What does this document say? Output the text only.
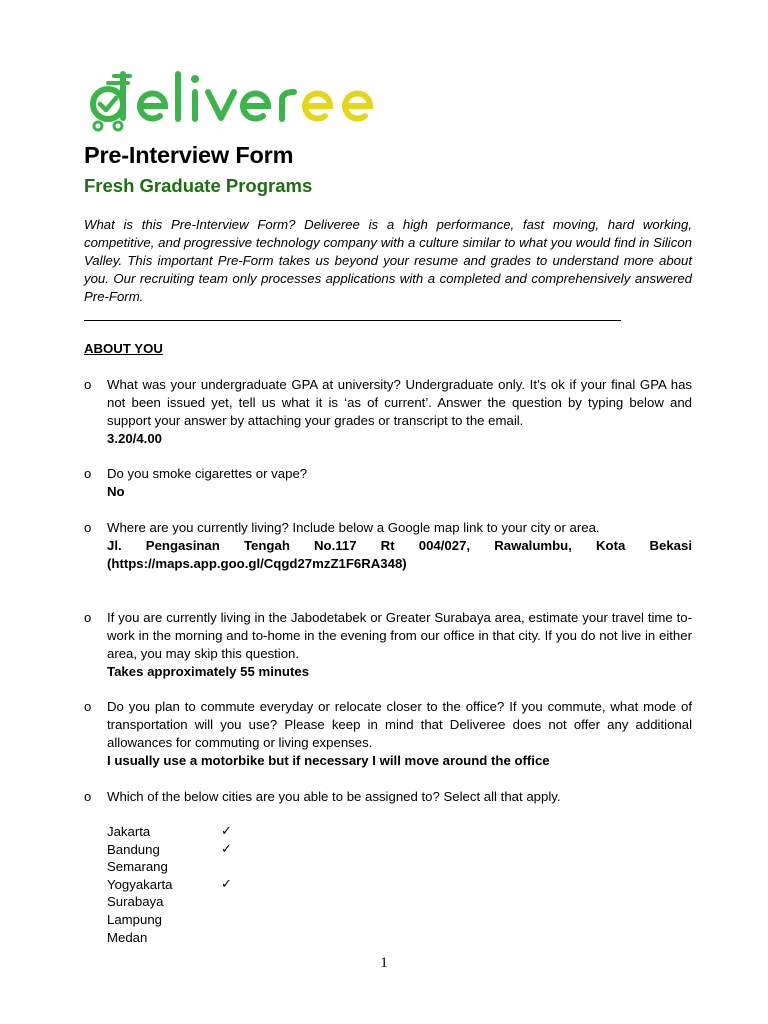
Pre-Interview Form
Fresh Graduate Programs

What is this Pre-Interview Form? Deliveree is a high performance, fast moving, hard working, competitive, and progressive technology company with a culture similar to what you would find in Silicon Valley. This important Pre-Form takes us beyond your resume and grades to understand more about you. Our recruiting team only processes applications with a completed and comprehensively answered Pre-Form.

ABOUT YOU
o What was your undergraduate GPA at university? Undergraduate only. It’s ok if your final GPA has not been issued yet, tell us what it is ‘as of current’. Answer the question by typing below and support your answer by attaching your grades or transcript to the email.
3.20/4.00
o Do you smoke cigarettes or vape?
No
o Where are you currently living? Include below a Google map link to your city or area.
Jl. Pengasinan Tengah No.117 Rt 004/027, Rawalumbu, Kota Bekasi (https://maps.app.goo.gl/Cqgd27mzZ1F6RA348)
o If you are currently living in the Jabodetabek or Greater Surabaya area, estimate your travel time to-work in the morning and to-home in the evening from our office in that city. If you do not live in either area, you may skip this question.
Takes approximately 55 minutes
o Do you plan to commute everyday or relocate closer to the office? If you commute, what mode of transportation will you use? Please keep in mind that Deliveree does not offer any additional allowances for commuting or living expenses.
I usually use a motorbike but if necessary I will move around the office
o Which of the below cities are you able to be assigned to? Select all that apply.
Jakarta	✓
Bandung	✓
Semarang
Yogyakarta	✓
Surabaya
Lampung
Medan
1
